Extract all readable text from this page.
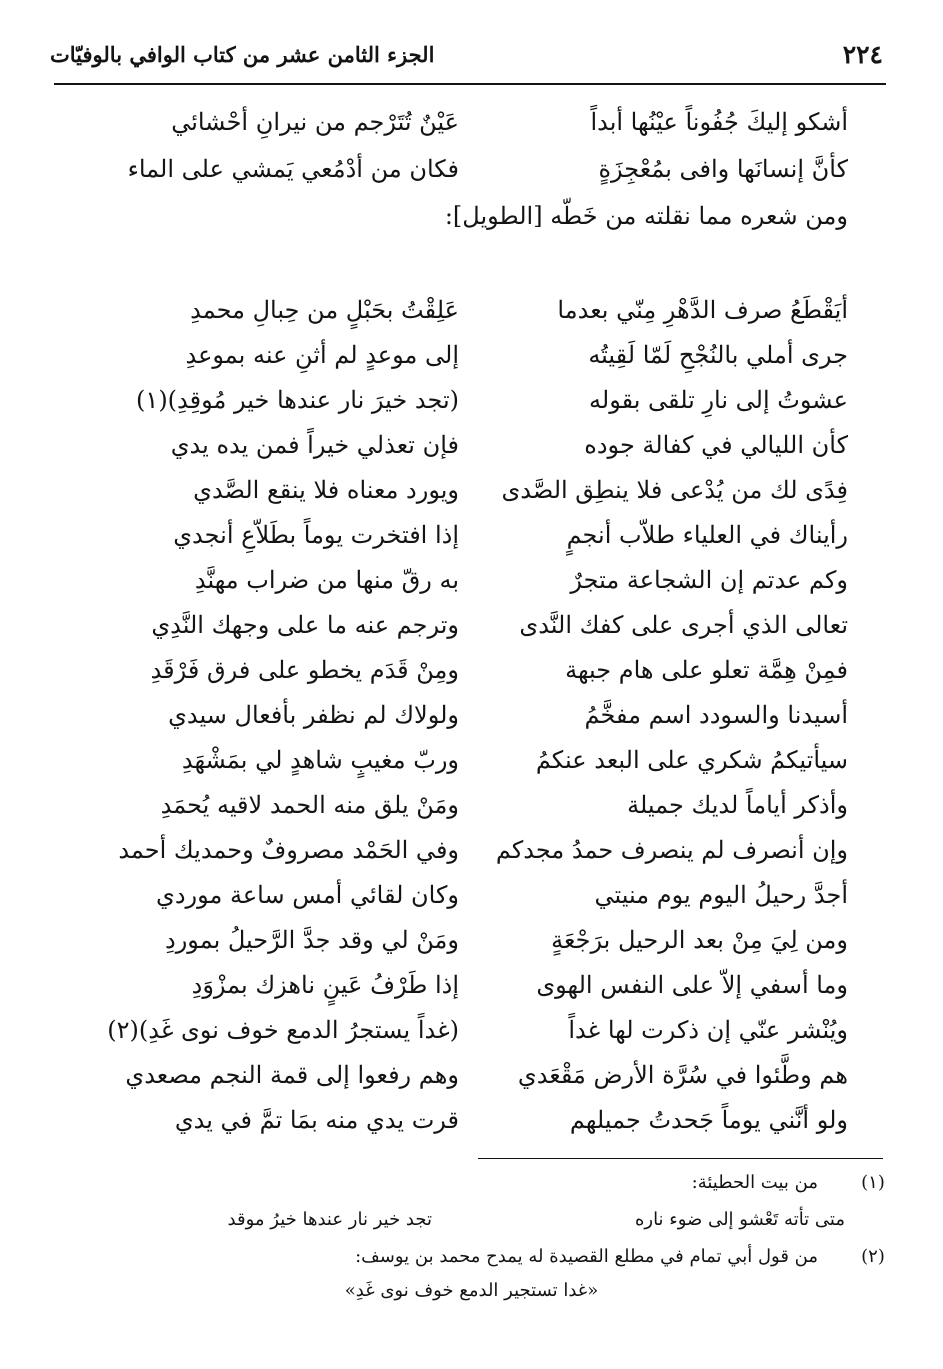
٢٢٤
الجزء الثامن عشر من كتاب الوافي بالوفيّات
أشكو إليكَ جُفُوناً عيْنُها أبداً
عَيْنٌ تُتَرْجم من نيرانِ أحْشائي
كأنَّ إنسانَها وافى بمُعْجِزَةٍ
فكان من أدْمُعي يَمشي على الماء
ومن شعره مما نقلته من خَطّه [الطويل]:
أيَقْطَعُ صرف الدَّهْرِ مِنّي بعدما
عَلِقْتُ بحَبْلٍ من حِبالِ محمدِ
جرى أملي بالنُجْحِ لَمّا لَقِيتُه
إلى موعدٍ لم أثنِ عنه بموعدِ
عشوتُ إلى نارِ تلقى بقوله
(تجد خيرَ نار عندها خير مُوقِدِ)(١)
كأن الليالي في كفالة جوده
فإن تعذلي خيراً فمن يده يدي
فِدًى لك من يُدْعى فلا ينطِق الصَّدى
ويورد معناه فلا ينقع الصَّدي
رأيناك في العلياء طلاّب أنجمٍ
إذا افتخرت يوماً بطَلاّعِ أنجدي
وكم عدتم إن الشجاعة متجرٌ
به رقّ منها من ضراب مهنَّدِ
تعالى الذي أجرى على كفك النَّدى
وترجم عنه ما على وجهك النَّدِي
فمِنْ هِمَّة تعلو على هام جبهة
ومِنْ قَدَم يخطو على فرق فَرْقَدِ
أسيدنا والسودد اسم مفخَّمُ
ولولاك لم نظفر بأفعال سيدي
سيأتيكمُ شكري على البعد عنكمُ
وربّ مغيبٍ شاهدٍ لي بمَشْهَدِ
وأذكر أياماً لديك جميلة
ومَنْ يلق منه الحمد لاقيه يُحمَدِ
وإن أنصرف لم ينصرف حمدُ مجدكم
وفي الحَمْد مصروفٌ وحمديك أحمد
أجدَّ رحيلُ اليوم يوم منيتي
وكان لقائي أمس ساعة موردي
ومن لِيَ مِنْ بعد الرحيل برَجْعَةٍ
ومَنْ لي وقد جدَّ الرَّحيلُ بموردِ
وما أسفي إلاّ على النفس الهوى
إذا طَرْفُ عَينٍ ناهزك بمزْوَدِ
ويُنْشر عنّي إن ذكرت لها غداً
(غداً يستجرُ الدمع خوف نوى غَدِ)(٢)
هم وطَّئوا في سُرَّة الأرض مَقْعَدي
وهم رفعوا إلى قمة النجم مصعدي
ولو أنَّني يوماً جَحدتُ جميلهم
قرت يدي منه بمَا تمَّ في يدي
(١)
من بيت الحطيئة:
متى تأته تَعْشو إلى ضوء ناره
تجد خير نار عندها خيرُ موقد
(٢)
من قول أبي تمام في مطلع القصيدة له يمدح محمد بن يوسف:
«غدا تستجير الدمع خوف نوى غَدِ»
